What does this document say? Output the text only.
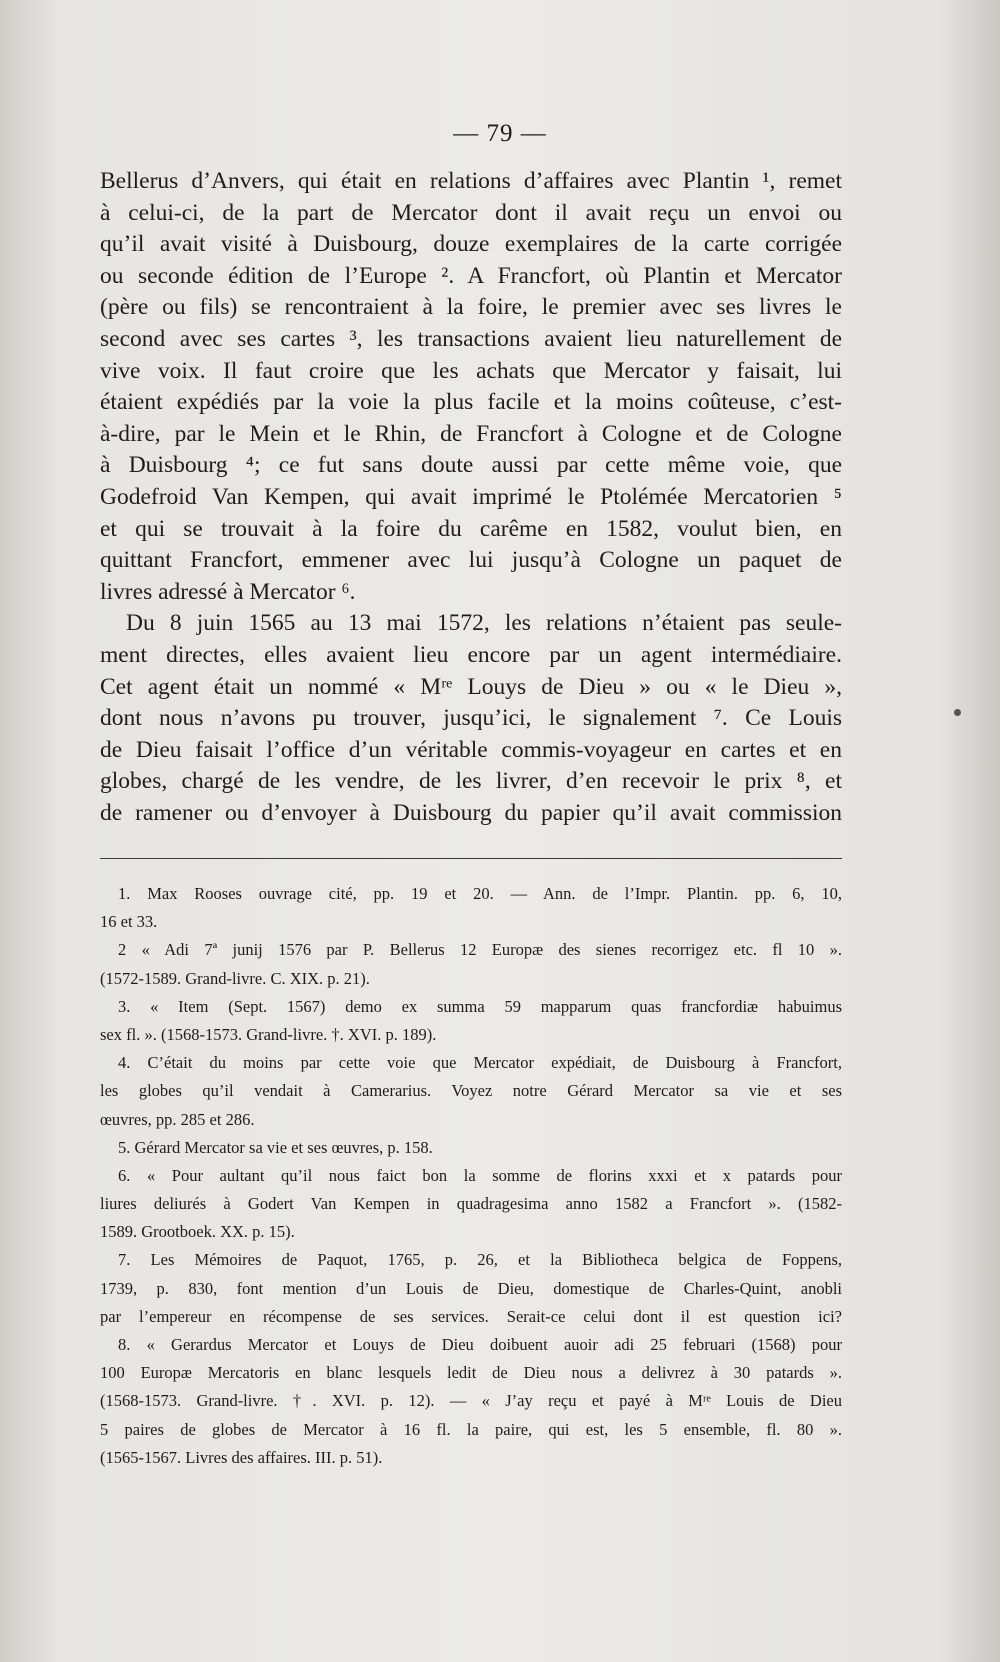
— 79 —
Bellerus d’Anvers, qui était en relations d’affaires avec Plantin ¹, remet
à celui-ci, de la part de Mercator dont il avait reçu un envoi ou
qu’il avait visité à Duisbourg, douze exemplaires de la carte corrigée
ou seconde édition de l’Europe ². A Francfort, où Plantin et Mercator
(père ou fils) se rencontraient à la foire, le premier avec ses livres le
second avec ses cartes ³, les transactions avaient lieu naturellement de
vive voix. Il faut croire que les achats que Mercator y faisait, lui
étaient expédiés par la voie la plus facile et la moins coûteuse, c’est-
à-dire, par le Mein et le Rhin, de Francfort à Cologne et de Cologne
à Duisbourg ⁴; ce fut sans doute aussi par cette même voie, que
Godefroid Van Kempen, qui avait imprimé le Ptolémée Mercatorien ⁵
et qui se trouvait à la foire du carême en 1582, voulut bien, en
quittant Francfort, emmener avec lui jusqu’à Cologne un paquet de
livres adressé à Mercator ⁶.
Du 8 juin 1565 au 13 mai 1572, les relations n’étaient pas seule-
ment directes, elles avaient lieu encore par un agent intermédiaire.
Cet agent était un nommé « Mʳᵉ Louys de Dieu » ou « le Dieu »,
dont nous n’avons pu trouver, jusqu’ici, le signalement ⁷. Ce Louis
de Dieu faisait l’office d’un véritable commis-voyageur en cartes et en
globes, chargé de les vendre, de les livrer, d’en recevoir le prix ⁸, et
de ramener ou d’envoyer à Duisbourg du papier qu’il avait commission
1. Max Rooses ouvrage cité, pp. 19 et 20. — Ann. de l’Impr. Plantin. pp. 6, 10,
16 et 33.
2 « Adi 7ª junij 1576 par P. Bellerus 12 Europæ des sienes recorrigez etc. fl 10 ».
(1572-1589. Grand-livre. C. XIX. p. 21).
3. « Item (Sept. 1567) demo ex summa 59 mapparum quas francfordiæ habuimus
sex fl. ». (1568-1573. Grand-livre. †. XVI. p. 189).
4. C’était du moins par cette voie que Mercator expédiait, de Duisbourg à Francfort,
les globes qu’il vendait à Camerarius. Voyez notre Gérard Mercator sa vie et ses
œuvres, pp. 285 et 286.
5. Gérard Mercator sa vie et ses œuvres, p. 158.
6. « Pour aultant qu’il nous faict bon la somme de florins xxxi et x patards pour
liures deliurés à Godert Van Kempen in quadragesima anno 1582 a Francfort ». (1582-
1589. Grootboek. XX. p. 15).
7. Les Mémoires de Paquot, 1765, p. 26, et la Bibliotheca belgica de Foppens,
1739, p. 830, font mention d’un Louis de Dieu, domestique de Charles-Quint, anobli
par l’empereur en récompense de ses services. Serait-ce celui dont il est question ici?
8. « Gerardus Mercator et Louys de Dieu doibuent auoir adi 25 februari (1568) pour
100 Europæ Mercatoris en blanc lesquels ledit de Dieu nous a delivrez à 30 patards ».
(1568-1573. Grand-livre. †. XVI. p. 12). — « J’ay reçu et payé à Mʳᵉ Louis de Dieu
5 paires de globes de Mercator à 16 fl. la paire, qui est, les 5 ensemble, fl. 80 ».
(1565-1567. Livres des affaires. III. p. 51).
